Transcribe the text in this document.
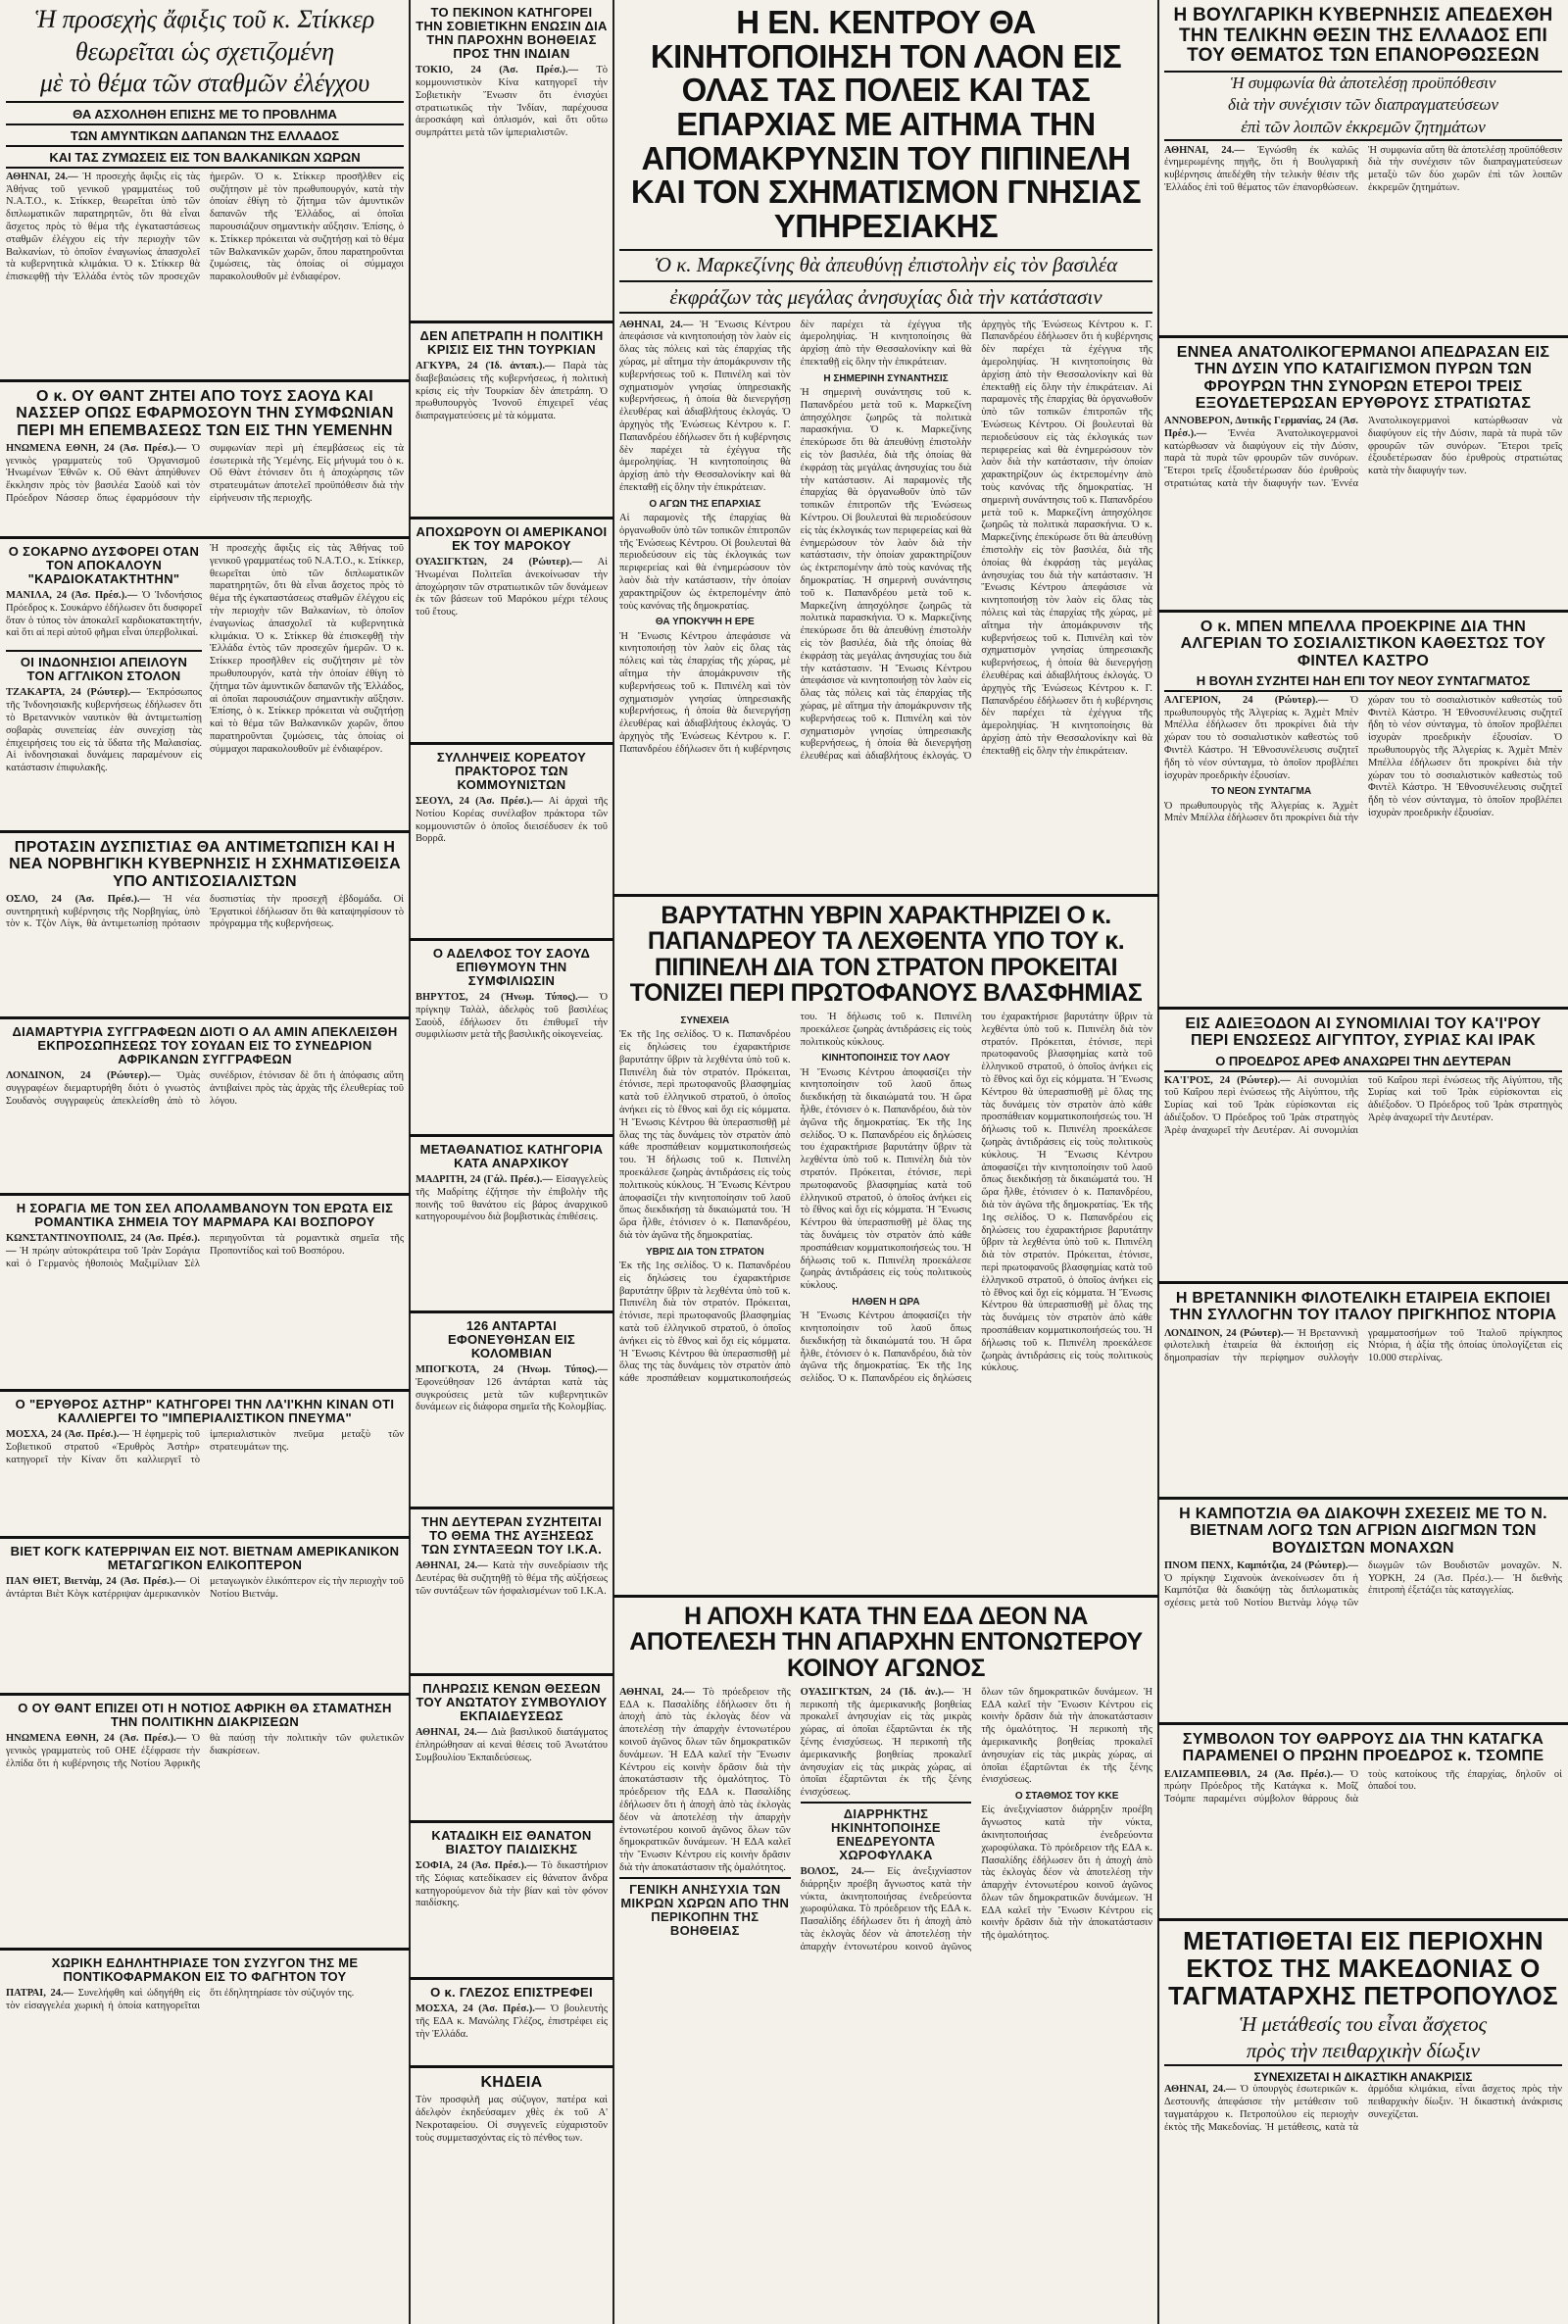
Ἡ προσεχὴς ἄφιξις τοῦ κ. Στίκκερ
θεωρεῖται ὡς σχετιζομένη
μὲ τὸ θέμα τῶν σταθμῶν ἐλέγχου
ΘΑ ΑΣΧΟΛΗΘΗ ΕΠΙΣΗΣ ΜΕ ΤΟ ΠΡΟΒΛΗΜΑ
ΤΩΝ ΑΜΥΝΤΙΚΩΝ ΔΑΠΑΝΩΝ ΤΗΣ ΕΛΛΑΔΟΣ
ΚΑΙ ΤΑΣ ΖΥΜΩΣΕΙΣ ΕΙΣ ΤΟΝ ΒΑΛΚΑΝΙΚΩΝ ΧΩΡΩΝ
ΑΘΗΝΑΙ, 24.— Ἡ προσεχὴς ἄφιξις εἰς τὰς Ἀθήνας τοῦ γενικοῦ γραμματέως τοῦ Ν.Α.Τ.Ο., κ. Στίκκερ, θεωρεῖται ὑπὸ τῶν διπλωματικῶν παρατηρητῶν, ὅτι θὰ εἶναι ἄσχετος πρὸς τὸ θέμα τῆς ἐγκαταστάσεως σταθμῶν ἐλέγχου εἰς τὴν περιοχὴν τῶν Βαλκανίων, τὸ ὁποῖον ἐναγωνίως ἀπασχολεῖ τὰ κυβερνητικὰ κλιμάκια. Ὁ κ. Στίκκερ θὰ ἐπισκεφθῇ τὴν Ἑλλάδα ἐντὸς τῶν προσεχῶν ἡμερῶν. Ὁ κ. Στίκκερ προσῆλθεν εἰς συζήτησιν μὲ τὸν πρωθυπουργόν, κατὰ τὴν ὁποίαν ἐθίγη τὸ ζήτημα τῶν ἀμυντικῶν δαπανῶν τῆς Ἑλλάδος, αἱ ὁποῖαι παρουσιάζουν σημαντικὴν αὔξησιν. Ἐπίσης, ὁ κ. Στίκκερ πρόκειται νὰ συζητήσῃ καὶ τὸ θέμα τῶν Βαλκανικῶν χωρῶν, ὅπου παρατηροῦνται ζυμώσεις, τὰς ὁποίας οἱ σύμμαχοι παρακολουθοῦν μὲ ἐνδιαφέρον.
Ο κ. ΟΥ ΘΑΝΤ ΖΗΤΕΙ ΑΠΟ ΤΟΥΣ ΣΑΟΥΔ ΚΑΙ ΝΑΣΣΕΡ ΟΠΩΣ ΕΦΑΡΜΟΣΟΥΝ ΤΗΝ ΣΥΜΦΩΝΙΑΝ ΠΕΡΙ ΜΗ ΕΠΕΜΒΑΣΕΩΣ ΤΩΝ ΕΙΣ ΤΗΝ ΥΕΜΕΝΗΝ
ΗΝΩΜΕΝΑ ΕΘΝΗ, 24 (Ἀσ. Πρέσ.).— Ὁ γενικὸς γραμματεὺς τοῦ Ὀργανισμοῦ Ἡνωμένων Ἐθνῶν κ. Οὔ Θὰντ ἀπηύθυνεν ἔκκλησιν πρὸς τὸν βασιλέα Σαοὺδ καὶ τὸν Πρόεδρον Νάσσερ ὅπως ἐφαρμόσουν τὴν συμφωνίαν περὶ μὴ ἐπεμβάσεως εἰς τὰ ἐσωτερικὰ τῆς Ὑεμένης. Εἰς μήνυμά του ὁ κ. Οὔ Θὰντ ἐτόνισεν ὅτι ἡ ἀποχώρησις τῶν στρατευμάτων ἀποτελεῖ προϋπόθεσιν διὰ τὴν εἰρήνευσιν τῆς περιοχῆς.
Ο ΣΟΚΑΡΝΟ ΔΥΣΦΟΡΕΙ ΟΤΑΝ ΤΟΝ ΑΠΟΚΑΛΟΥΝ "ΚΑΡΔΙΟΚΑΤΑΚΤΗΤΗΝ"
ΜΑΝΙΛΑ, 24 (Ἀσ. Πρέσ.).— Ὁ Ἰνδονήσιος Πρόεδρος κ. Σουκάρνο ἐδήλωσεν ὅτι δυσφορεῖ ὅταν ὁ τύπος τὸν ἀποκαλεῖ καρδιοκατακτητήν, καὶ ὅτι αἱ περὶ αὐτοῦ φῆμαι εἶναι ὑπερβολικαί.
ΟΙ ΙΝΔΟΝΗΣΙΟΙ ΑΠΕΙΛΟΥΝ ΤΟΝ ΑΓΓΛΙΚΟΝ ΣΤΟΛΟΝ
ΤΖΑΚΑΡΤΑ, 24 (Ρώυτερ).— Ἐκπρόσωπος τῆς Ἰνδονησιακῆς κυβερνήσεως ἐδήλωσεν ὅτι τὸ Βρεταννικὸν ναυτικὸν θὰ ἀντιμετωπίσῃ σοβαρὰς συνεπείας ἐὰν συνεχίσῃ τὰς ἐπιχειρήσεις του εἰς τὰ ὕδατα τῆς Μαλαισίας. Αἱ ἰνδονησιακαὶ δυνάμεις παραμένουν εἰς κατάστασιν ἐπιφυλακῆς.
Ἡ προσεχὴς ἄφιξις εἰς τὰς Ἀθήνας τοῦ γενικοῦ γραμματέως τοῦ Ν.Α.Τ.Ο., κ. Στίκκερ, θεωρεῖται ὑπὸ τῶν διπλωματικῶν παρατηρητῶν, ὅτι θὰ εἶναι ἄσχετος πρὸς τὸ θέμα τῆς ἐγκαταστάσεως σταθμῶν ἐλέγχου εἰς τὴν περιοχὴν τῶν Βαλκανίων, τὸ ὁποῖον ἐναγωνίως ἀπασχολεῖ τὰ κυβερνητικὰ κλιμάκια. Ὁ κ. Στίκκερ θὰ ἐπισκεφθῇ τὴν Ἑλλάδα ἐντὸς τῶν προσεχῶν ἡμερῶν. Ὁ κ. Στίκκερ προσῆλθεν εἰς συζήτησιν μὲ τὸν πρωθυπουργόν, κατὰ τὴν ὁποίαν ἐθίγη τὸ ζήτημα τῶν ἀμυντικῶν δαπανῶν τῆς Ἑλλάδος, αἱ ὁποῖαι παρουσιάζουν σημαντικὴν αὔξησιν. Ἐπίσης, ὁ κ. Στίκκερ πρόκειται νὰ συζητήσῃ καὶ τὸ θέμα τῶν Βαλκανικῶν χωρῶν, ὅπου παρατηροῦνται ζυμώσεις, τὰς ὁποίας οἱ σύμμαχοι παρακολουθοῦν μὲ ἐνδιαφέρον.
ΠΡΟΤΑΣΙΝ ΔΥΣΠΙΣΤΙΑΣ ΘΑ ΑΝΤΙΜΕΤΩΠΙΣΗ ΚΑΙ Η ΝΕΑ ΝΟΡΒΗΓΙΚΗ ΚΥΒΕΡΝΗΣΙΣ Η ΣΧΗΜΑΤΙΣΘΕΙΣΑ ΥΠΟ ΑΝΤΙΣΟΣΙΑΛΙΣΤΩΝ
ΟΣΛΟ, 24 (Ἀσ. Πρέσ.).— Ἡ νέα συντηρητικὴ κυβέρνησις τῆς Νορβηγίας, ὑπὸ τὸν κ. Τζὸν Λίγκ, θὰ ἀντιμετωπίσῃ πρότασιν δυσπιστίας τὴν προσεχῆ ἑβδομάδα. Οἱ Ἐργατικοὶ ἐδήλωσαν ὅτι θὰ καταψηφίσουν τὸ πρόγραμμα τῆς κυβερνήσεως.
ΔΙΑΜΑΡΤΥΡΙΑ ΣΥΓΓΡΑΦΕΩΝ ΔΙΟΤΙ Ο ΑΛ ΑΜΙΝ ΑΠΕΚΛΕΙΣΘΗ ΕΚΠΡΟΣΩΠΗΣΕΩΣ ΤΟΥ ΣΟΥΔΑΝ ΕΙΣ ΤΟ ΣΥΝΕΔΡΙΟΝ ΑΦΡΙΚΑΝΩΝ ΣΥΓΓΡΑΦΕΩΝ
ΛΟΝΔΙΝΟΝ, 24 (Ρώυτερ).— Ὁμὰς συγγραφέων διεμαρτυρήθη διότι ὁ γνωστὸς Σουδανὸς συγγραφεὺς ἀπεκλείσθη ἀπὸ τὸ συνέδριον, ἐτόνισαν δὲ ὅτι ἡ ἀπόφασις αὕτη ἀντιβαίνει πρὸς τὰς ἀρχὰς τῆς ἐλευθερίας τοῦ λόγου.
Η ΣΟΡΑΓΙΑ ΜΕ ΤΟΝ ΣΕΛ ΑΠΟΛΑΜΒΑΝΟΥΝ ΤΟΝ ΕΡΩΤΑ ΕΙΣ ΡΟΜΑΝΤΙΚΑ ΣΗΜΕΙΑ ΤΟΥ ΜΑΡΜΑΡΑ ΚΑΙ ΒΟΣΠΟΡΟΥ
ΚΩΝΣΤΑΝΤΙΝΟΥΠΟΛΙΣ, 24 (Ἀσ. Πρέσ.).— Ἡ πρώην αὐτοκράτειρα τοῦ Ἰρὰν Σοράγια καὶ ὁ Γερμανὸς ἠθοποιὸς Μαξιμίλιαν Σὲλ περιηγοῦνται τὰ ρομαντικὰ σημεῖα τῆς Προποντίδος καὶ τοῦ Βοσπόρου.
Ο "ΕΡΥΘΡΟΣ ΑΣΤΗΡ" ΚΑΤΗΓΟΡΕΙ ΤΗΝ ΛΑ'Ι'ΚΗΝ ΚΙΝΑΝ ΟΤΙ ΚΑΛΛΙΕΡΓΕΙ ΤΟ "ΙΜΠΕΡΙΑΛΙΣΤΙΚΟΝ ΠΝΕΥΜΑ"
ΜΟΣΧΑ, 24 (Ἀσ. Πρέσ.).— Ἡ ἐφημερὶς τοῦ Σοβιετικοῦ στρατοῦ «Ἐρυθρὸς Ἀστὴρ» κατηγορεῖ τὴν Κίναν ὅτι καλλιεργεῖ τὸ ἰμπεριαλιστικὸν πνεῦμα μεταξὺ τῶν στρατευμάτων της.
ΒΙΕΤ ΚΟΓΚ ΚΑΤΕΡΡΙΨΑΝ ΕΙΣ ΝΟΤ. ΒΙΕΤΝΑΜ ΑΜΕΡΙΚΑΝΙΚΟΝ ΜΕΤΑΓΩΓΙΚΟΝ ΕΛΙΚΟΠΤΕΡΟΝ
ΠΑΝ ΘΙΕΤ, Βιετνὰμ, 24 (Ἀσ. Πρέσ.).— Οἱ ἀντάρται Βιὲτ Κὸγκ κατέρριψαν ἀμερικανικὸν μεταγωγικὸν ἑλικόπτερον εἰς τὴν περιοχὴν τοῦ Νοτίου Βιετνάμ.
Ο ΟΥ ΘΑΝΤ ΕΠΙΖΕΙ ΟΤΙ Η ΝΟΤΙΟΣ ΑΦΡΙΚΗ ΘΑ ΣΤΑΜΑΤΗΣΗ ΤΗΝ ΠΟΛΙΤΙΚΗΝ ΔΙΑΚΡΙΣΕΩΝ
ΗΝΩΜΕΝΑ ΕΘΝΗ, 24 (Ἀσ. Πρέσ.).— Ὁ γενικὸς γραμματεὺς τοῦ ΟΗΕ ἐξέφρασε τὴν ἐλπίδα ὅτι ἡ κυβέρνησις τῆς Νοτίου Ἀφρικῆς θὰ παύσῃ τὴν πολιτικὴν τῶν φυλετικῶν διακρίσεων.
ΧΩΡΙΚΗ ΕΔΗΛΗΤΗΡΙΑΣΕ ΤΟΝ ΣΥΖΥΓΟΝ ΤΗΣ ΜΕ ΠΟΝΤΙΚΟΦΑΡΜΑΚΟΝ ΕΙΣ ΤΟ ΦΑΓΗΤΟΝ ΤΟΥ
ΠΑΤΡΑΙ, 24.— Συνελήφθη καὶ ὡδηγήθη εἰς τὸν εἰσαγγελέα χωρικὴ ἡ ὁποία κατηγορεῖται ὅτι ἐδηλητηρίασε τὸν σύζυγόν της.
ΤΟ ΠΕΚΙΝΟΝ ΚΑΤΗΓΟΡΕΙ ΤΗΝ ΣΟΒΙΕΤΙΚΗΝ ΕΝΩΣΙΝ ΔΙΑ ΤΗΝ ΠΑΡΟΧΗΝ ΒΟΗΘΕΙΑΣ ΠΡΟΣ ΤΗΝ ΙΝΔΙΑΝ
ΤΟΚΙΟ, 24 (Ἀσ. Πρέσ.).— Τὸ κομμουνιστικὸν Κίνα κατηγορεῖ τὴν Σοβιετικὴν Ἕνωσιν ὅτι ἐνισχύει στρατιωτικῶς τὴν Ἰνδίαν, παρέχουσα ἀεροσκάφη καὶ ὁπλισμόν, καὶ ὅτι οὕτω συμπράττει μετὰ τῶν ἰμπεριαλιστῶν.
ΔΕΝ ΑΠΕΤΡΑΠΗ Η ΠΟΛΙΤΙΚΗ ΚΡΙΣΙΣ ΕΙΣ ΤΗΝ ΤΟΥΡΚΙΑΝ
ΑΓΚΥΡΑ, 24 (Ἰδ. ἀνταπ.).— Παρὰ τὰς διαβεβαιώσεις τῆς κυβερνήσεως, ἡ πολιτικὴ κρίσις εἰς τὴν Τουρκίαν δὲν ἀπετράπη. Ὁ πρωθυπουργὸς Ἰνονοῦ ἐπιχειρεῖ νέας διαπραγματεύσεις μὲ τὰ κόμματα.
ΑΠΟΧΩΡΟΥΝ ΟΙ ΑΜΕΡΙΚΑΝΟΙ ΕΚ ΤΟΥ ΜΑΡΟΚΟΥ
ΟΥΑΣΙΓΚΤΩΝ, 24 (Ρώυτερ).— Αἱ Ἡνωμέναι Πολιτεῖαι ἀνεκοίνωσαν τὴν ἀποχώρησιν τῶν στρατιωτικῶν τῶν δυνάμεων ἐκ τῶν βάσεων τοῦ Μαρόκου μέχρι τέλους τοῦ ἔτους.
ΣΥΛΛΗΨΕΙΣ ΚΟΡΕΑΤΟΥ ΠΡΑΚΤΟΡΟΣ ΤΩΝ ΚΟΜΜΟΥΝΙΣΤΩΝ
ΣΕΟΥΛ, 24 (Ἀσ. Πρέσ.).— Αἱ ἀρχαὶ τῆς Νοτίου Κορέας συνέλαβον πράκτορα τῶν κομμουνιστῶν ὁ ὁποῖος διεισέδυσεν ἐκ τοῦ Βορρᾶ.
Ο ΑΔΕΛΦΟΣ ΤΟΥ ΣΑΟΥΔ ΕΠΙΘΥΜΟΥΝ ΤΗΝ ΣΥΜΦΙΛΙΩΣΙΝ
ΒΗΡΥΤΟΣ, 24 (Ἡνωμ. Τύπος).— Ὁ πρίγκηψ Ταλὰλ, ἀδελφὸς τοῦ βασιλέως Σαοὺδ, ἐδήλωσεν ὅτι ἐπιθυμεῖ τὴν συμφιλίωσιν μετὰ τῆς βασιλικῆς οἰκογενείας.
ΜΕΤΑΘΑΝΑΤΙΟΣ ΚΑΤΗΓΟΡΙΑ ΚΑΤΑ ΑΝΑΡΧΙΚΟΥ
ΜΑΔΡΙΤΗ, 24 (Γάλ. Πρέσ.).— Εἰσαγγελεὺς τῆς Μαδρίτης ἐζήτησε τὴν ἐπιβολὴν τῆς ποινῆς τοῦ θανάτου εἰς βάρος ἀναρχικοῦ κατηγορουμένου διὰ βομβιστικὰς ἐπιθέσεις.
126 ΑΝΤΑΡΤΑΙ ΕΦΟΝΕΥΘΗΣΑΝ ΕΙΣ ΚΟΛΟΜΒΙΑΝ
ΜΠΟΓΚΟΤΑ, 24 (Ἡνωμ. Τύπος).— Ἐφονεύθησαν 126 ἀντάρται κατὰ τὰς συγκρούσεις μετὰ τῶν κυβερνητικῶν δυνάμεων εἰς διάφορα σημεῖα τῆς Κολομβίας.
ΤΗΝ ΔΕΥΤΕΡΑΝ ΣΥΖΗΤΕΙΤΑΙ ΤΟ ΘΕΜΑ ΤΗΣ ΑΥΞΗΣΕΩΣ ΤΩΝ ΣΥΝΤΑΞΕΩΝ ΤΟΥ Ι.Κ.Α.
ΑΘΗΝΑΙ, 24.— Κατὰ τὴν συνεδρίασιν τῆς Δευτέρας θὰ συζητηθῇ τὸ θέμα τῆς αὐξήσεως τῶν συντάξεων τῶν ἠσφαλισμένων τοῦ Ι.Κ.Α.
ΠΛΗΡΩΣΙΣ ΚΕΝΩΝ ΘΕΣΕΩΝ ΤΟΥ ΑΝΩΤΑΤΟΥ ΣΥΜΒΟΥΛΙΟΥ ΕΚΠΑΙΔΕΥΣΕΩΣ
ΑΘΗΝΑΙ, 24.— Διὰ βασιλικοῦ διατάγματος ἐπληρώθησαν αἱ κεναὶ θέσεις τοῦ Ἀνωτάτου Συμβουλίου Ἐκπαιδεύσεως.
ΚΑΤΑΔΙΚΗ ΕΙΣ ΘΑΝΑΤΟΝ ΒΙΑΣΤΟΥ ΠΑΙΔΙΣΚΗΣ
ΣΟΦΙΑ, 24 (Ἀσ. Πρέσ.).— Τὸ δικαστήριον τῆς Σόφιας κατεδίκασεν εἰς θάνατον ἄνδρα κατηγορούμενον διὰ τὴν βίαν καὶ τὸν φόνον παιδίσκης.
Ο κ. ΓΛΕΖΟΣ ΕΠΙΣΤΡΕΦΕΙ
ΜΟΣΧΑ, 24 (Ἀσ. Πρέσ.).— Ὁ βουλευτὴς τῆς ΕΔΑ κ. Μανώλης Γλέζος, ἐπιστρέφει εἰς τὴν Ἑλλάδα.
ΚΗΔΕΙΑ
Τὸν προσφιλῆ μας σύζυγον, πατέρα καὶ ἀδελφὸν ἐκηδεύσαμεν χθὲς ἐκ τοῦ Α' Νεκροταφείου. Οἱ συγγενεῖς εὐχαριστοῦν τοὺς συμμετασχόντας εἰς τὸ πένθος των.
Η ΕΝ. ΚΕΝΤΡΟΥ ΘΑ ΚΙΝΗΤΟΠΟΙΗΣΗ ΤΟΝ ΛΑΟΝ ΕΙΣ ΟΛΑΣ ΤΑΣ ΠΟΛΕΙΣ ΚΑΙ ΤΑΣ ΕΠΑΡΧΙΑΣ ΜΕ ΑΙΤΗΜΑ ΤΗΝ ΑΠΟΜΑΚΡΥΝΣΙΝ ΤΟΥ ΠΙΠΙΝΕΛΗ ΚΑΙ ΤΟΝ ΣΧΗΜΑΤΙΣΜΟΝ ΓΝΗΣΙΑΣ ΥΠΗΡΕΣΙΑΚΗΣ
Ὁ κ. Μαρκεζίνης θὰ ἀπευθύνῃ ἐπιστολὴν εἰς τὸν βασιλέα
ἐκφράζων τὰς μεγάλας ἀνησυχίας διὰ τὴν κατάστασιν
ΑΘΗΝΑΙ, 24.— Ἡ Ἕνωσις Κέντρου ἀπεφάσισε νὰ κινητοποιήσῃ τὸν λαὸν εἰς ὅλας τὰς πόλεις καὶ τὰς ἐπαρχίας τῆς χώρας, μὲ αἴτημα τὴν ἀπομάκρυνσιν τῆς κυβερνήσεως τοῦ κ. Πιπινέλη καὶ τὸν σχηματισμὸν γνησίας ὑπηρεσιακῆς κυβερνήσεως, ἡ ὁποία θὰ διενεργήσῃ ἐλευθέρας καὶ ἀδιαβλήτους ἐκλογάς. Ὁ ἀρχηγὸς τῆς Ἑνώσεως Κέντρου κ. Γ. Παπανδρέου ἐδήλωσεν ὅτι ἡ κυβέρνησις δὲν παρέχει τὰ ἐχέγγυα τῆς ἀμεροληψίας. Ἡ κινητοποίησις θὰ ἀρχίσῃ ἀπὸ τὴν Θεσσαλονίκην καὶ θὰ ἐπεκταθῇ εἰς ὅλην τὴν ἐπικράτειαν.
Ο ΑΓΩΝ ΤΗΣ ΕΠΑΡΧΙΑΣ
Αἱ παραμονὲς τῆς ἐπαρχίας θὰ ὀργανωθοῦν ὑπὸ τῶν τοπικῶν ἐπιτροπῶν τῆς Ἑνώσεως Κέντρου. Οἱ βουλευταὶ θὰ περιοδεύσουν εἰς τὰς ἐκλογικάς των περιφερείας καὶ θὰ ἐνημερώσουν τὸν λαὸν διὰ τὴν κατάστασιν, τὴν ὁποίαν χαρακτηρίζουν ὡς ἐκτρεπομένην ἀπὸ τοὺς κανόνας τῆς δημοκρατίας.
ΘΑ ΥΠΟΚΥΨΗ Η ΕΡΕ
Ἡ Ἕνωσις Κέντρου ἀπεφάσισε νὰ κινητοποιήσῃ τὸν λαὸν εἰς ὅλας τὰς πόλεις καὶ τὰς ἐπαρχίας τῆς χώρας, μὲ αἴτημα τὴν ἀπομάκρυνσιν τῆς κυβερνήσεως τοῦ κ. Πιπινέλη καὶ τὸν σχηματισμὸν γνησίας ὑπηρεσιακῆς κυβερνήσεως, ἡ ὁποία θὰ διενεργήσῃ ἐλευθέρας καὶ ἀδιαβλήτους ἐκλογάς. Ὁ ἀρχηγὸς τῆς Ἑνώσεως Κέντρου κ. Γ. Παπανδρέου ἐδήλωσεν ὅτι ἡ κυβέρνησις δὲν παρέχει τὰ ἐχέγγυα τῆς ἀμεροληψίας. Ἡ κινητοποίησις θὰ ἀρχίσῃ ἀπὸ τὴν Θεσσαλονίκην καὶ θὰ ἐπεκταθῇ εἰς ὅλην τὴν ἐπικράτειαν.
Η ΣΗΜΕΡΙΝΗ ΣΥΝΑΝΤΗΣΙΣ
Ἡ σημερινὴ συνάντησις τοῦ κ. Παπανδρέου μετὰ τοῦ κ. Μαρκεζίνη ἀπησχόλησε ζωηρῶς τὰ πολιτικὰ παρασκήνια. Ὁ κ. Μαρκεζίνης ἐπεκύρωσε ὅτι θὰ ἀπευθύνῃ ἐπιστολὴν εἰς τὸν βασιλέα, διὰ τῆς ὁποίας θὰ ἐκφράσῃ τὰς μεγάλας ἀνησυχίας του διὰ τὴν κατάστασιν. Αἱ παραμονὲς τῆς ἐπαρχίας θὰ ὀργανωθοῦν ὑπὸ τῶν τοπικῶν ἐπιτροπῶν τῆς Ἑνώσεως Κέντρου. Οἱ βουλευταὶ θὰ περιοδεύσουν εἰς τὰς ἐκλογικάς των περιφερείας καὶ θὰ ἐνημερώσουν τὸν λαὸν διὰ τὴν κατάστασιν, τὴν ὁποίαν χαρακτηρίζουν ὡς ἐκτρεπομένην ἀπὸ τοὺς κανόνας τῆς δημοκρατίας. Ἡ σημερινὴ συνάντησις τοῦ κ. Παπανδρέου μετὰ τοῦ κ. Μαρκεζίνη ἀπησχόλησε ζωηρῶς τὰ πολιτικὰ παρασκήνια. Ὁ κ. Μαρκεζίνης ἐπεκύρωσε ὅτι θὰ ἀπευθύνῃ ἐπιστολὴν εἰς τὸν βασιλέα, διὰ τῆς ὁποίας θὰ ἐκφράσῃ τὰς μεγάλας ἀνησυχίας του διὰ τὴν κατάστασιν. Ἡ Ἕνωσις Κέντρου ἀπεφάσισε νὰ κινητοποιήσῃ τὸν λαὸν εἰς ὅλας τὰς πόλεις καὶ τὰς ἐπαρχίας τῆς χώρας, μὲ αἴτημα τὴν ἀπομάκρυνσιν τῆς κυβερνήσεως τοῦ κ. Πιπινέλη καὶ τὸν σχηματισμὸν γνησίας ὑπηρεσιακῆς κυβερνήσεως, ἡ ὁποία θὰ διενεργήσῃ ἐλευθέρας καὶ ἀδιαβλήτους ἐκλογάς. Ὁ ἀρχηγὸς τῆς Ἑνώσεως Κέντρου κ. Γ. Παπανδρέου ἐδήλωσεν ὅτι ἡ κυβέρνησις δὲν παρέχει τὰ ἐχέγγυα τῆς ἀμεροληψίας. Ἡ κινητοποίησις θὰ ἀρχίσῃ ἀπὸ τὴν Θεσσαλονίκην καὶ θὰ ἐπεκταθῇ εἰς ὅλην τὴν ἐπικράτειαν. Αἱ παραμονὲς τῆς ἐπαρχίας θὰ ὀργανωθοῦν ὑπὸ τῶν τοπικῶν ἐπιτροπῶν τῆς Ἑνώσεως Κέντρου. Οἱ βουλευταὶ θὰ περιοδεύσουν εἰς τὰς ἐκλογικάς των περιφερείας καὶ θὰ ἐνημερώσουν τὸν λαὸν διὰ τὴν κατάστασιν, τὴν ὁποίαν χαρακτηρίζουν ὡς ἐκτρεπομένην ἀπὸ τοὺς κανόνας τῆς δημοκρατίας. Ἡ σημερινὴ συνάντησις τοῦ κ. Παπανδρέου μετὰ τοῦ κ. Μαρκεζίνη ἀπησχόλησε ζωηρῶς τὰ πολιτικὰ παρασκήνια. Ὁ κ. Μαρκεζίνης ἐπεκύρωσε ὅτι θὰ ἀπευθύνῃ ἐπιστολὴν εἰς τὸν βασιλέα, διὰ τῆς ὁποίας θὰ ἐκφράσῃ τὰς μεγάλας ἀνησυχίας του διὰ τὴν κατάστασιν. Ἡ Ἕνωσις Κέντρου ἀπεφάσισε νὰ κινητοποιήσῃ τὸν λαὸν εἰς ὅλας τὰς πόλεις καὶ τὰς ἐπαρχίας τῆς χώρας, μὲ αἴτημα τὴν ἀπομάκρυνσιν τῆς κυβερνήσεως τοῦ κ. Πιπινέλη καὶ τὸν σχηματισμὸν γνησίας ὑπηρεσιακῆς κυβερνήσεως, ἡ ὁποία θὰ διενεργήσῃ ἐλευθέρας καὶ ἀδιαβλήτους ἐκλογάς. Ὁ ἀρχηγὸς τῆς Ἑνώσεως Κέντρου κ. Γ. Παπανδρέου ἐδήλωσεν ὅτι ἡ κυβέρνησις δὲν παρέχει τὰ ἐχέγγυα τῆς ἀμεροληψίας. Ἡ κινητοποίησις θὰ ἀρχίσῃ ἀπὸ τὴν Θεσσαλονίκην καὶ θὰ ἐπεκταθῇ εἰς ὅλην τὴν ἐπικράτειαν.
ΒΑΡΥΤΑΤΗΝ ΥΒΡΙΝ ΧΑΡΑΚΤΗΡΙΖΕΙ Ο κ. ΠΑΠΑΝΔΡΕΟΥ ΤΑ ΛΕΧΘΕΝΤΑ ΥΠΟ ΤΟΥ κ. ΠΙΠΙΝΕΛΗ ΔΙΑ ΤΟΝ ΣΤΡΑΤΟΝ ΠΡΟΚΕΙΤΑΙ ΤΟΝΙΖΕΙ ΠΕΡΙ ΠΡΩΤΟΦΑΝΟΥΣ ΒΛΑΣΦΗΜΙΑΣ
ΣΥΝΕΧΕΙΑ
Ἐκ τῆς 1ης σελίδος. Ὁ κ. Παπανδρέου εἰς δηλώσεις του ἐχαρακτήρισε βαρυτάτην ὕβριν τὰ λεχθέντα ὑπὸ τοῦ κ. Πιπινέλη διὰ τὸν στρατόν. Πρόκειται, ἐτόνισε, περὶ πρωτοφανοῦς βλασφημίας κατὰ τοῦ ἑλληνικοῦ στρατοῦ, ὁ ὁποῖος ἀνήκει εἰς τὸ ἔθνος καὶ ὄχι εἰς κόμματα. Ἡ Ἕνωσις Κέντρου θὰ ὑπερασπισθῇ μὲ ὅλας της τὰς δυνάμεις τὸν στρατὸν ἀπὸ κάθε προσπάθειαν κομματικοποιήσεώς του. Ἡ δήλωσις τοῦ κ. Πιπινέλη προεκάλεσε ζωηρὰς ἀντιδράσεις εἰς τοὺς πολιτικοὺς κύκλους. Ἡ Ἕνωσις Κέντρου ἀποφασίζει τὴν κινητοποίησιν τοῦ λαοῦ ὅπως διεκδικήσῃ τὰ δικαιώματά του. Ἡ ὥρα ἦλθε, ἐτόνισεν ὁ κ. Παπανδρέου, διὰ τὸν ἀγῶνα τῆς δημοκρατίας.
ΥΒΡΙΣ ΔΙΑ ΤΟΝ ΣΤΡΑΤΟΝ
Ἐκ τῆς 1ης σελίδος. Ὁ κ. Παπανδρέου εἰς δηλώσεις του ἐχαρακτήρισε βαρυτάτην ὕβριν τὰ λεχθέντα ὑπὸ τοῦ κ. Πιπινέλη διὰ τὸν στρατόν. Πρόκειται, ἐτόνισε, περὶ πρωτοφανοῦς βλασφημίας κατὰ τοῦ ἑλληνικοῦ στρατοῦ, ὁ ὁποῖος ἀνήκει εἰς τὸ ἔθνος καὶ ὄχι εἰς κόμματα. Ἡ Ἕνωσις Κέντρου θὰ ὑπερασπισθῇ μὲ ὅλας της τὰς δυνάμεις τὸν στρατὸν ἀπὸ κάθε προσπάθειαν κομματικοποιήσεώς του. Ἡ δήλωσις τοῦ κ. Πιπινέλη προεκάλεσε ζωηρὰς ἀντιδράσεις εἰς τοὺς πολιτικοὺς κύκλους.
ΚΙΝΗΤΟΠΟΙΗΣΙΣ ΤΟΥ ΛΑΟΥ
Ἡ Ἕνωσις Κέντρου ἀποφασίζει τὴν κινητοποίησιν τοῦ λαοῦ ὅπως διεκδικήσῃ τὰ δικαιώματά του. Ἡ ὥρα ἦλθε, ἐτόνισεν ὁ κ. Παπανδρέου, διὰ τὸν ἀγῶνα τῆς δημοκρατίας. Ἐκ τῆς 1ης σελίδος. Ὁ κ. Παπανδρέου εἰς δηλώσεις του ἐχαρακτήρισε βαρυτάτην ὕβριν τὰ λεχθέντα ὑπὸ τοῦ κ. Πιπινέλη διὰ τὸν στρατόν. Πρόκειται, ἐτόνισε, περὶ πρωτοφανοῦς βλασφημίας κατὰ τοῦ ἑλληνικοῦ στρατοῦ, ὁ ὁποῖος ἀνήκει εἰς τὸ ἔθνος καὶ ὄχι εἰς κόμματα. Ἡ Ἕνωσις Κέντρου θὰ ὑπερασπισθῇ μὲ ὅλας της τὰς δυνάμεις τὸν στρατὸν ἀπὸ κάθε προσπάθειαν κομματικοποιήσεώς του. Ἡ δήλωσις τοῦ κ. Πιπινέλη προεκάλεσε ζωηρὰς ἀντιδράσεις εἰς τοὺς πολιτικοὺς κύκλους.
ΗΛΘΕΝ Η ΩΡΑ
Ἡ Ἕνωσις Κέντρου ἀποφασίζει τὴν κινητοποίησιν τοῦ λαοῦ ὅπως διεκδικήσῃ τὰ δικαιώματά του. Ἡ ὥρα ἦλθε, ἐτόνισεν ὁ κ. Παπανδρέου, διὰ τὸν ἀγῶνα τῆς δημοκρατίας. Ἐκ τῆς 1ης σελίδος. Ὁ κ. Παπανδρέου εἰς δηλώσεις του ἐχαρακτήρισε βαρυτάτην ὕβριν τὰ λεχθέντα ὑπὸ τοῦ κ. Πιπινέλη διὰ τὸν στρατόν. Πρόκειται, ἐτόνισε, περὶ πρωτοφανοῦς βλασφημίας κατὰ τοῦ ἑλληνικοῦ στρατοῦ, ὁ ὁποῖος ἀνήκει εἰς τὸ ἔθνος καὶ ὄχι εἰς κόμματα. Ἡ Ἕνωσις Κέντρου θὰ ὑπερασπισθῇ μὲ ὅλας της τὰς δυνάμεις τὸν στρατὸν ἀπὸ κάθε προσπάθειαν κομματικοποιήσεώς του. Ἡ δήλωσις τοῦ κ. Πιπινέλη προεκάλεσε ζωηρὰς ἀντιδράσεις εἰς τοὺς πολιτικοὺς κύκλους. Ἡ Ἕνωσις Κέντρου ἀποφασίζει τὴν κινητοποίησιν τοῦ λαοῦ ὅπως διεκδικήσῃ τὰ δικαιώματά του. Ἡ ὥρα ἦλθε, ἐτόνισεν ὁ κ. Παπανδρέου, διὰ τὸν ἀγῶνα τῆς δημοκρατίας. Ἐκ τῆς 1ης σελίδος. Ὁ κ. Παπανδρέου εἰς δηλώσεις του ἐχαρακτήρισε βαρυτάτην ὕβριν τὰ λεχθέντα ὑπὸ τοῦ κ. Πιπινέλη διὰ τὸν στρατόν. Πρόκειται, ἐτόνισε, περὶ πρωτοφανοῦς βλασφημίας κατὰ τοῦ ἑλληνικοῦ στρατοῦ, ὁ ὁποῖος ἀνήκει εἰς τὸ ἔθνος καὶ ὄχι εἰς κόμματα. Ἡ Ἕνωσις Κέντρου θὰ ὑπερασπισθῇ μὲ ὅλας της τὰς δυνάμεις τὸν στρατὸν ἀπὸ κάθε προσπάθειαν κομματικοποιήσεώς του. Ἡ δήλωσις τοῦ κ. Πιπινέλη προεκάλεσε ζωηρὰς ἀντιδράσεις εἰς τοὺς πολιτικοὺς κύκλους.
Η ΑΠΟΧΗ ΚΑΤΑ ΤΗΝ ΕΔΑ ΔΕΟΝ ΝΑ ΑΠΟΤΕΛΕΣΗ ΤΗΝ ΑΠΑΡΧΗΝ ΕΝΤΟΝΩΤΕΡΟΥ ΚΟΙΝΟΥ ΑΓΩΝΟΣ
ΑΘΗΝΑΙ, 24.— Τὸ πρόεδρειον τῆς ΕΔΑ κ. Πασαλίδης ἐδήλωσεν ὅτι ἡ ἀποχὴ ἀπὸ τὰς ἐκλογὰς δέον νὰ ἀποτελέσῃ τὴν ἀπαρχὴν ἐντονωτέρου κοινοῦ ἀγῶνος ὅλων τῶν δημοκρατικῶν δυνάμεων. Ἡ ΕΔΑ καλεῖ τὴν Ἕνωσιν Κέντρου εἰς κοινὴν δρᾶσιν διὰ τὴν ἀποκατάστασιν τῆς ὁμαλότητος. Τὸ πρόεδρειον τῆς ΕΔΑ κ. Πασαλίδης ἐδήλωσεν ὅτι ἡ ἀποχὴ ἀπὸ τὰς ἐκλογὰς δέον νὰ ἀποτελέσῃ τὴν ἀπαρχὴν ἐντονωτέρου κοινοῦ ἀγῶνος ὅλων τῶν δημοκρατικῶν δυνάμεων. Ἡ ΕΔΑ καλεῖ τὴν Ἕνωσιν Κέντρου εἰς κοινὴν δρᾶσιν διὰ τὴν ἀποκατάστασιν τῆς ὁμαλότητος.
ΓΕΝΙΚΗ ΑΝΗΣΥΧΙΑ ΤΩΝ ΜΙΚΡΩΝ ΧΩΡΩΝ ΑΠΟ ΤΗΝ ΠΕΡΙΚΟΠΗΝ ΤΗΣ ΒΟΗΘΕΙΑΣ
ΟΥΑΣΙΓΚΤΩΝ, 24 (Ἰδ. ἀν.).— Ἡ περικοπὴ τῆς ἀμερικανικῆς βοηθείας προκαλεῖ ἀνησυχίαν εἰς τὰς μικρὰς χώρας, αἱ ὁποῖαι ἐξαρτῶνται ἐκ τῆς ξένης ἐνισχύσεως. Ἡ περικοπὴ τῆς ἀμερικανικῆς βοηθείας προκαλεῖ ἀνησυχίαν εἰς τὰς μικρὰς χώρας, αἱ ὁποῖαι ἐξαρτῶνται ἐκ τῆς ξένης ἐνισχύσεως.
ΔΙΑΡΡΗΚΤΗΣ ΗΚΙΝΗΤΟΠΟΙΗΣΕ ΕΝΕΔΡΕΥΟΝΤΑ ΧΩΡΟΦΥΛΑΚΑ
ΒΟΛΟΣ, 24.— Εἰς ἀνεξιχνίαστον διάρρηξιν προέβη ἄγνωστος κατὰ τὴν νύκτα, ἀκινητοποιήσας ἐνεδρεύοντα χωροφύλακα. Τὸ πρόεδρειον τῆς ΕΔΑ κ. Πασαλίδης ἐδήλωσεν ὅτι ἡ ἀποχὴ ἀπὸ τὰς ἐκλογὰς δέον νὰ ἀποτελέσῃ τὴν ἀπαρχὴν ἐντονωτέρου κοινοῦ ἀγῶνος ὅλων τῶν δημοκρατικῶν δυνάμεων. Ἡ ΕΔΑ καλεῖ τὴν Ἕνωσιν Κέντρου εἰς κοινὴν δρᾶσιν διὰ τὴν ἀποκατάστασιν τῆς ὁμαλότητος. Ἡ περικοπὴ τῆς ἀμερικανικῆς βοηθείας προκαλεῖ ἀνησυχίαν εἰς τὰς μικρὰς χώρας, αἱ ὁποῖαι ἐξαρτῶνται ἐκ τῆς ξένης ἐνισχύσεως.
Ο ΣΤΑΘΜΟΣ ΤΟΥ ΚΚΕ
Εἰς ἀνεξιχνίαστον διάρρηξιν προέβη ἄγνωστος κατὰ τὴν νύκτα, ἀκινητοποιήσας ἐνεδρεύοντα χωροφύλακα. Τὸ πρόεδρειον τῆς ΕΔΑ κ. Πασαλίδης ἐδήλωσεν ὅτι ἡ ἀποχὴ ἀπὸ τὰς ἐκλογὰς δέον νὰ ἀποτελέσῃ τὴν ἀπαρχὴν ἐντονωτέρου κοινοῦ ἀγῶνος ὅλων τῶν δημοκρατικῶν δυνάμεων. Ἡ ΕΔΑ καλεῖ τὴν Ἕνωσιν Κέντρου εἰς κοινὴν δρᾶσιν διὰ τὴν ἀποκατάστασιν τῆς ὁμαλότητος.
Η ΒΟΥΛΓΑΡΙΚΗ ΚΥΒΕΡΝΗΣΙΣ ΑΠΕΔΕΧΘΗ ΤΗΝ ΤΕΛΙΚΗΝ ΘΕΣΙΝ ΤΗΣ ΕΛΛΑΔΟΣ ΕΠΙ ΤΟΥ ΘΕΜΑΤΟΣ ΤΩΝ ΕΠΑΝΟΡΘΩΣΕΩΝ
Ἡ συμφωνία θὰ ἀποτελέσῃ προϋπόθεσιν
διὰ τὴν συνέχισιν τῶν διαπραγματεύσεων
ἐπὶ τῶν λοιπῶν ἐκκρεμῶν ζητημάτων
ΑΘΗΝΑΙ, 24.— Ἐγνώσθη ἐκ καλῶς ἐνημερωμένης πηγῆς, ὅτι ἡ Βουλγαρικὴ κυβέρνησις ἀπεδέχθη τὴν τελικὴν θέσιν τῆς Ἑλλάδος ἐπὶ τοῦ θέματος τῶν ἐπανορθώσεων. Ἡ συμφωνία αὕτη θὰ ἀποτελέσῃ προϋπόθεσιν διὰ τὴν συνέχισιν τῶν διαπραγματεύσεων μεταξὺ τῶν δύο χωρῶν ἐπὶ τῶν λοιπῶν ἐκκρεμῶν ζητημάτων.
ΕΝΝΕΑ ΑΝΑΤΟΛΙΚΟΓΕΡΜΑΝΟΙ ΑΠΕΔΡΑΣΑΝ ΕΙΣ ΤΗΝ ΔΥΣΙΝ ΥΠΟ ΚΑΤΑΙΓΙΣΜΟΝ ΠΥΡΩΝ ΤΩΝ ΦΡΟΥΡΩΝ ΤΗΝ ΣΥΝΟΡΩΝ ΕΤΕΡΟΙ ΤΡΕΙΣ ΕΞΟΥΔΕΤΕΡΩΣΑΝ ΕΡΥΘΡΟΥΣ ΣΤΡΑΤΙΩΤΑΣ
ΑΝΝΟΒΕΡΟΝ, Δυτικῆς Γερμανίας, 24 (Ἀσ. Πρέσ.).— Ἐννέα Ἀνατολικογερμανοὶ κατώρθωσαν νὰ διαφύγουν εἰς τὴν Δύσιν, παρὰ τὰ πυρὰ τῶν φρουρῶν τῶν συνόρων. Ἕτεροι τρεῖς ἐξουδετέρωσαν δύο ἐρυθροὺς στρατιώτας κατὰ τὴν διαφυγήν των. Ἐννέα Ἀνατολικογερμανοὶ κατώρθωσαν νὰ διαφύγουν εἰς τὴν Δύσιν, παρὰ τὰ πυρὰ τῶν φρουρῶν τῶν συνόρων. Ἕτεροι τρεῖς ἐξουδετέρωσαν δύο ἐρυθροὺς στρατιώτας κατὰ τὴν διαφυγήν των.
Ο κ. ΜΠΕΝ ΜΠΕΛΛΑ ΠΡΟΕΚΡΙΝΕ ΔΙΑ ΤΗΝ ΑΛΓΕΡΙΑΝ ΤΟ ΣΟΣΙΑΛΙΣΤΙΚΟΝ ΚΑΘΕΣΤΩΣ ΤΟΥ ΦΙΝΤΕΛ ΚΑΣΤΡΟ
Η ΒΟΥΛΗ ΣΥΖΗΤΕΙ ΗΔΗ ΕΠΙ ΤΟΥ ΝΕΟΥ ΣΥΝΤΑΓΜΑΤΟΣ
ΑΛΓΕΡΙΟΝ, 24 (Ρώυτερ).— Ὁ πρωθυπουργὸς τῆς Ἀλγερίας κ. Ἀχμὲτ Μπὲν Μπέλλα ἐδήλωσεν ὅτι προκρίνει διὰ τὴν χώραν του τὸ σοσιαλιστικὸν καθεστὼς τοῦ Φιντὲλ Κάστρο. Ἡ Ἐθνοσυνέλευσις συζητεῖ ἤδη τὸ νέον σύνταγμα, τὸ ὁποῖον προβλέπει ἰσχυρὰν προεδρικὴν ἐξουσίαν.
ΤΟ ΝΕΟΝ ΣΥΝΤΑΓΜΑ
Ὁ πρωθυπουργὸς τῆς Ἀλγερίας κ. Ἀχμὲτ Μπὲν Μπέλλα ἐδήλωσεν ὅτι προκρίνει διὰ τὴν χώραν του τὸ σοσιαλιστικὸν καθεστὼς τοῦ Φιντὲλ Κάστρο. Ἡ Ἐθνοσυνέλευσις συζητεῖ ἤδη τὸ νέον σύνταγμα, τὸ ὁποῖον προβλέπει ἰσχυρὰν προεδρικὴν ἐξουσίαν. Ὁ πρωθυπουργὸς τῆς Ἀλγερίας κ. Ἀχμὲτ Μπὲν Μπέλλα ἐδήλωσεν ὅτι προκρίνει διὰ τὴν χώραν του τὸ σοσιαλιστικὸν καθεστὼς τοῦ Φιντὲλ Κάστρο. Ἡ Ἐθνοσυνέλευσις συζητεῖ ἤδη τὸ νέον σύνταγμα, τὸ ὁποῖον προβλέπει ἰσχυρὰν προεδρικὴν ἐξουσίαν.
ΕΙΣ ΑΔΙΕΞΟΔΟΝ ΑΙ ΣΥΝΟΜΙΛΙΑΙ ΤΟΥ ΚΑ'Ι'ΡΟΥ ΠΕΡΙ ΕΝΩΣΕΩΣ ΑΙΓΥΠΤΟΥ, ΣΥΡΙΑΣ ΚΑΙ ΙΡΑΚ
Ο ΠΡΟΕΔΡΟΣ ΑΡΕΦ ΑΝΑΧΩΡΕΙ ΤΗΝ ΔΕΥΤΕΡΑΝ
ΚΑ'Ι'ΡΟΣ, 24 (Ρώυτερ).— Αἱ συνομιλίαι τοῦ Καΐρου περὶ ἑνώσεως τῆς Αἰγύπτου, τῆς Συρίας καὶ τοῦ Ἰρὰκ εὑρίσκονται εἰς ἀδιέξοδον. Ὁ Πρόεδρος τοῦ Ἰρὰκ στρατηγὸς Ἀρὲφ ἀναχωρεῖ τὴν Δευτέραν. Αἱ συνομιλίαι τοῦ Καΐρου περὶ ἑνώσεως τῆς Αἰγύπτου, τῆς Συρίας καὶ τοῦ Ἰρὰκ εὑρίσκονται εἰς ἀδιέξοδον. Ὁ Πρόεδρος τοῦ Ἰρὰκ στρατηγὸς Ἀρὲφ ἀναχωρεῖ τὴν Δευτέραν.
Η ΒΡΕΤΑΝΝΙΚΗ ΦΙΛΟΤΕΛΙΚΗ ΕΤΑΙΡΕΙΑ ΕΚΠΟΙΕΙ ΤΗΝ ΣΥΛΛΟΓΗΝ ΤΟΥ ΙΤΑΛΟΥ ΠΡΙΓΚΗΠΟΣ ΝΤΟΡΙΑ
ΛΟΝΔΙΝΟΝ, 24 (Ρώυτερ).— Ἡ Βρεταννικὴ φιλοτελικὴ ἑταιρεία θὰ ἐκποιήσῃ εἰς δημοπρασίαν τὴν περίφημον συλλογὴν γραμματοσήμων τοῦ Ἰταλοῦ πρίγκηπος Ντόρια, ἡ ἀξία τῆς ὁποίας ὑπολογίζεται εἰς 10.000 στερλίνας.
Η ΚΑΜΠΟΤΖΙΑ ΘΑ ΔΙΑΚΟΨΗ ΣΧΕΣΕΙΣ ΜΕ ΤΟ Ν. ΒΙΕΤΝΑΜ ΛΟΓΩ ΤΩΝ ΑΓΡΙΩΝ ΔΙΩΓΜΩΝ ΤΩΝ ΒΟΥΔΙΣΤΩΝ ΜΟΝΑΧΩΝ
ΠΝΟΜ ΠΕΝΧ, Καμπότζια, 24 (Ρώυτερ).— Ὁ πρίγκηψ Σιχανοὺκ ἀνεκοίνωσεν ὅτι ἡ Καμπότζια θὰ διακόψῃ τὰς διπλωματικὰς σχέσεις μετὰ τοῦ Νοτίου Βιετνὰμ λόγῳ τῶν διωγμῶν τῶν Βουδιστῶν μοναχῶν. Ν. ΥΟΡΚΗ, 24 (Ἀσ. Πρέσ.).— Ἡ διεθνὴς ἐπιτροπὴ ἐξετάζει τὰς καταγγελίας.
ΣΥΜΒΟΛΟΝ ΤΟΥ ΘΑΡΡΟΥΣ ΔΙΑ ΤΗΝ ΚΑΤΑΓΚΑ ΠΑΡΑΜΕΝΕΙ Ο ΠΡΩΗΝ ΠΡΟΕΔΡΟΣ κ. ΤΣΟΜΠΕ
ΕΛΙΖΑΜΠΕΘΒΙΛ, 24 (Ἀσ. Πρέσ.).— Ὁ πρώην Πρόεδρος τῆς Κατάγκα κ. Μοΐζ Τσόμπε παραμένει σύμβολον θάρρους διὰ τοὺς κατοίκους τῆς ἐπαρχίας, δηλοῦν οἱ ὀπαδοί του.
ΜΕΤΑΤΙΘΕΤΑΙ ΕΙΣ ΠΕΡΙΟΧΗΝ ΕΚΤΟΣ ΤΗΣ ΜΑΚΕΔΟΝΙΑΣ Ο ΤΑΓΜΑΤΑΡΧΗΣ ΠΕΤΡΟΠΟΥΛΟΣ
Ἡ μετάθεσίς του εἶναι ἄσχετος
πρὸς τὴν πειθαρχικὴν δίωξιν
ΣΥΝΕΧΙΖΕΤΑΙ Η ΔΙΚΑΣΤΙΚΗ ΑΝΑΚΡΙΣΙΣ
ΑΘΗΝΑΙ, 24.— Ὁ ὑπουργὸς ἐσωτερικῶν κ. Δεστουνῆς ἀπεφάσισε τὴν μετάθεσιν τοῦ ταγματάρχου κ. Πετροπούλου εἰς περιοχὴν ἐκτὸς τῆς Μακεδονίας. Ἡ μετάθεσις, κατὰ τὰ ἁρμόδια κλιμάκια, εἶναι ἄσχετος πρὸς τὴν πειθαρχικὴν δίωξιν. Ἡ δικαστικὴ ἀνάκρισις συνεχίζεται.
